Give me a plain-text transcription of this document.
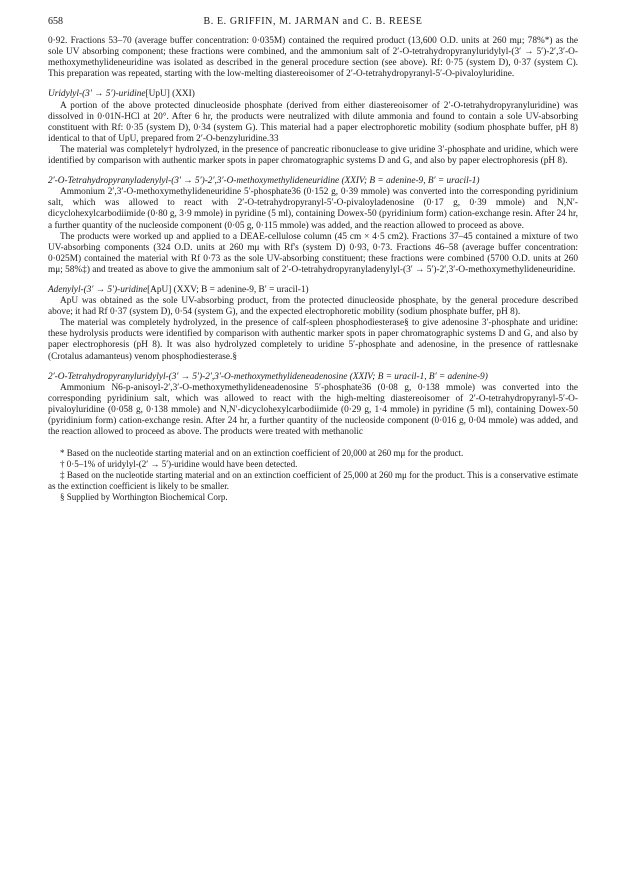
658	B. E. GRIFFIN, M. JARMAN and C. B. REESE

0·92. Fractions 53–70 (average buffer concentration: 0·035M) contained the required product (13,600 O.D. units at 260 mμ; 78%*) as the sole UV absorbing component; these fractions were combined, and the ammonium salt of 2′-O-tetrahydropyranyluridylyl-(3′ → 5′)-2′,3′-O-methoxymethylideneuridine was isolated as described in the general procedure section (see above). Rf: 0·75 (system D), 0·37 (system C). This preparation was repeated, starting with the low-melting diastereoisomer of 2′-O-tetrahydropyranyl-5′-O-pivaloyluridine.

Uridylyl-(3′ → 5′)-uridine[UpU] (XXI)

A portion of the above protected dinucleoside phosphate (derived from either diastereoisomer of 2′-O-tetrahydropyranyluridine) was dissolved in 0·01N-HCl at 20°. After 6 hr, the products were neutralized with dilute ammonia and found to contain a sole UV-absorbing constituent with Rf: 0·35 (system D), 0·34 (system G). This material had a paper electrophoretic mobility (sodium phosphate buffer, pH 8) identical to that of UpU, prepared from 2′-O-benzyluridine.33

The material was completely† hydrolyzed, in the presence of pancreatic ribonuclease to give uridine 3′-phosphate and uridine, which were identified by comparison with authentic marker spots in paper chromatographic systems D and G, and also by paper electrophoresis (pH 8).

2′-O-Tetrahydropyranyladenylyl-(3′ → 5′)-2′,3′-O-methoxymethylideneuridine (XXIV; B = adenine-9, B′ = uracil-1)

Ammonium 2′,3′-O-methoxymethylideneuridine 5′-phosphate36 (0·152 g, 0·39 mmole) was converted into the corresponding pyridinium salt, which was allowed to react with 2′-O-tetrahydropyranyl-5′-O-pivaloyladenosine (0·17 g, 0·39 mmole) and N,N′-dicyclohexylcarbodiimide (0·80 g, 3·9 mmole) in pyridine (5 ml), containing Dowex-50 (pyridinium form) cation-exchange resin. After 24 hr, a further quantity of the nucleoside component (0·05 g, 0·115 mmole) was added, and the reaction allowed to proceed as above.

The products were worked up and applied to a DEAE-cellulose column (45 cm × 4·5 cm2). Fractions 37–45 contained a mixture of two UV-absorbing components (324 O.D. units at 260 mμ with Rf's (system D) 0·93, 0·73. Fractions 46–58 (average buffer concentration: 0·025M) contained the material with Rf 0·73 as the sole UV-absorbing constituent; these fractions were combined (5700 O.D. units at 260 mμ; 58%‡) and treated as above to give the ammonium salt of 2′-O-tetrahydropyranyladenylyl-(3′ → 5′)-2′,3′-O-methoxymethylideneuridine.

Adenylyl-(3′ → 5′)-uridine[ApU] (XXV; B = adenine-9, B′ = uracil-1)

ApU was obtained as the sole UV-absorbing product, from the protected dinucleoside phosphate, by the general procedure described above; it had Rf 0·37 (system D), 0·54 (system G), and the expected electrophoretic mobility (sodium phosphate buffer, pH 8).

The material was completely hydrolyzed, in the presence of calf-spleen phosphodiesterase§ to give adenosine 3′-phosphate and uridine: these hydrolysis products were identified by comparison with authentic marker spots in paper chromatographic systems D and G, and also by paper electrophoresis (pH 8). It was also hydrolyzed completely to uridine 5′-phosphate and adenosine, in the presence of rattlesnake (Crotalus adamanteus) venom phosphodiesterase.§

2′-O-Tetrahydropyranyluridylyl-(3′ → 5′)-2′,3′-O-methoxymethylideneadenosine (XXIV; B = uracil-1, B′ = adenine-9)

Ammonium N6-p-anisoyl-2′,3′-O-methoxymethylideneadenosine 5′-phosphate36 (0·08 g, 0·138 mmole) was converted into the corresponding pyridinium salt, which was allowed to react with the high-melting diastereoisomer of 2′-O-tetrahydropyranyl-5′-O-pivaloyluridine (0·058 g, 0·138 mmole) and N,N′-dicyclohexylcarbodiimide (0·29 g, 1·4 mmole) in pyridine (5 ml), containing Dowex-50 (pyridinium form) cation-exchange resin. After 24 hr, a further quantity of the nucleoside component (0·016 g, 0·04 mmole) was added, and the reaction allowed to proceed as above. The products were treated with methanolic

* Based on the nucleotide starting material and on an extinction coefficient of 20,000 at 260 mμ for the product.

† 0·5–1% of uridylyl-(2′ → 5′)-uridine would have been detected.

‡ Based on the nucleotide starting material and on an extinction coefficient of 25,000 at 260 mμ for the product. This is a conservative estimate as the extinction coefficient is likely to be smaller.

§ Supplied by Worthington Biochemical Corp.
